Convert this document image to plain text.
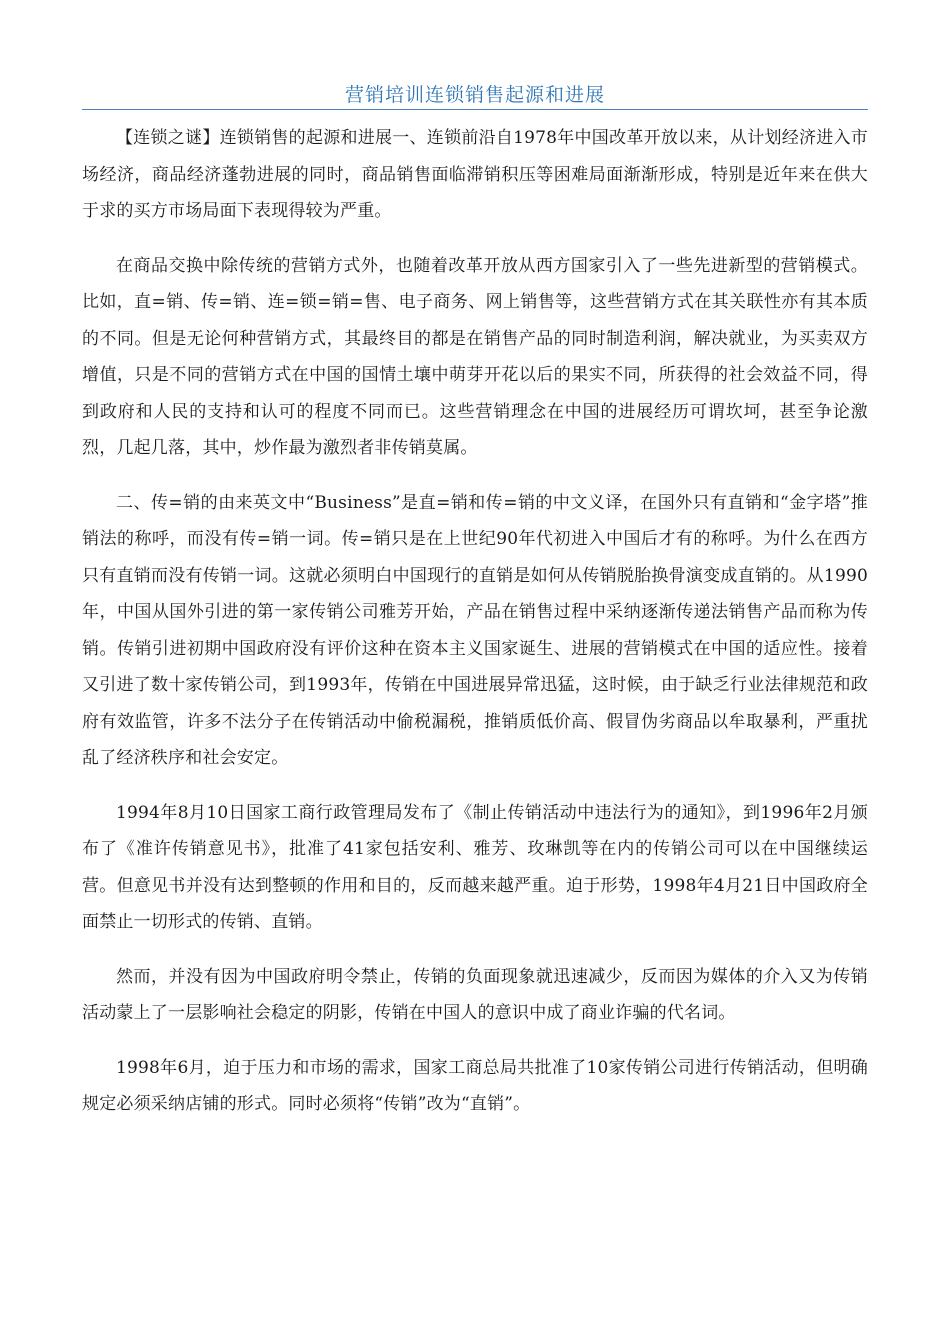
营销培训连锁销售起源和进展

【连锁之谜】连锁销售的起源和进展一、连锁前沿自1978年中国改革开放以来，从计划经济进入市场经济，商品经济蓬勃进展的同时，商品销售面临滞销积压等困难局面渐渐形成，特别是近年来在供大于求的买方市场局面下表现得较为严重。

在商品交换中除传统的营销方式外，也随着改革开放从西方国家引入了一些先进新型的营销模式。比如，直=销、传=销、连=锁=销=售、电子商务、网上销售等，这些营销方式在其关联性亦有其本质的不同。但是无论何种营销方式，其最终目的都是在销售产品的同时制造利润，解决就业，为买卖双方增值，只是不同的营销方式在中国的国情土壤中萌芽开花以后的果实不同，所获得的社会效益不同，得到政府和人民的支持和认可的程度不同而已。这些营销理念在中国的进展经历可谓坎坷，甚至争论激烈，几起几落，其中，炒作最为激烈者非传销莫属。

二、传=销的由来英文中“Business”是直=销和传=销的中文义译，在国外只有直销和“金字塔”推销法的称呼，而没有传=销一词。传=销只是在上世纪90年代初进入中国后才有的称呼。为什么在西方只有直销而没有传销一词。这就必须明白中国现行的直销是如何从传销脱胎换骨演变成直销的。从1990年，中国从国外引进的第一家传销公司雅芳开始，产品在销售过程中采纳逐渐传递法销售产品而称为传销。传销引进初期中国政府没有评价这种在资本主义国家诞生、进展的营销模式在中国的适应性。接着又引进了数十家传销公司，到1993年，传销在中国进展异常迅猛，这时候，由于缺乏行业法律规范和政府有效监管，许多不法分子在传销活动中偷税漏税，推销质低价高、假冒伪劣商品以牟取暴利，严重扰乱了经济秩序和社会安定。

1994年8月10日国家工商行政管理局发布了《制止传销活动中违法行为的通知》，到1996年2月颁布了《准许传销意见书》，批准了41家包括安利、雅芳、玫琳凯等在内的传销公司可以在中国继续运营。但意见书并没有达到整顿的作用和目的，反而越来越严重。迫于形势，1998年4月21日中国政府全面禁止一切形式的传销、直销。

然而，并没有因为中国政府明令禁止，传销的负面现象就迅速减少，反而因为媒体的介入又为传销活动蒙上了一层影响社会稳定的阴影，传销在中国人的意识中成了商业诈骗的代名词。

1998年6月，迫于压力和市场的需求，国家工商总局共批准了10家传销公司进行传销活动，但明确规定必须采纳店铺的形式。同时必须将“传销”改为“直销”。
